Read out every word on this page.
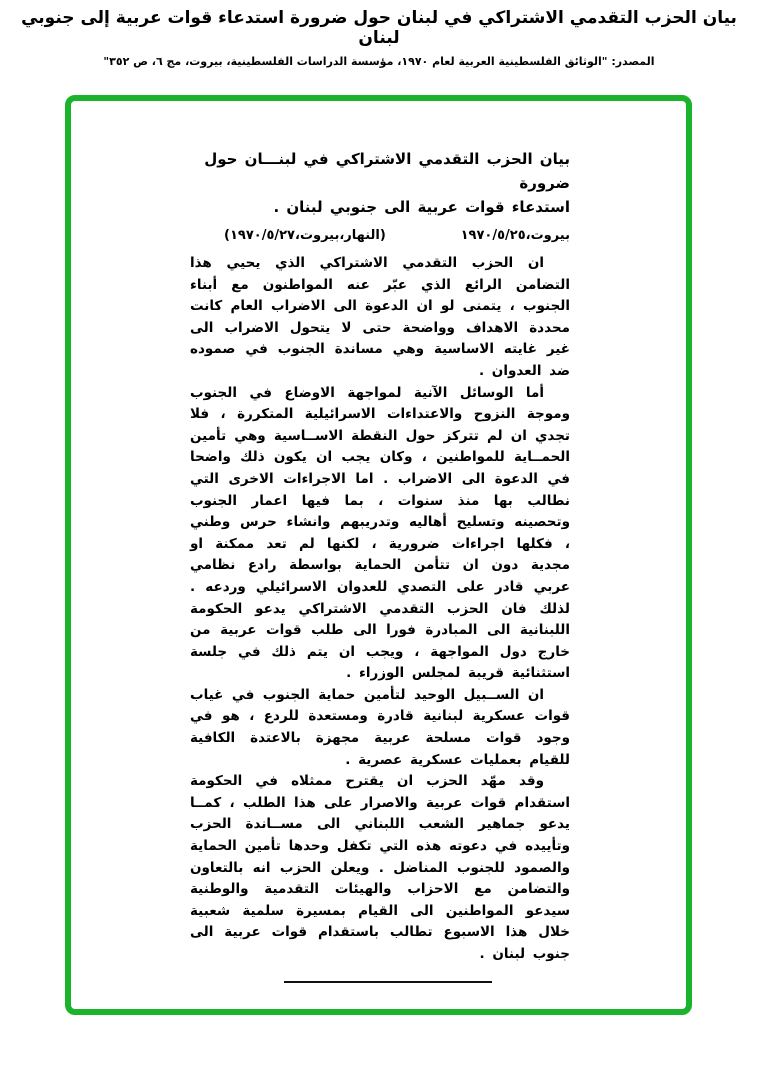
بيان الحزب التقدمي الاشتراكي في لبنان حول ضرورة استدعاء قوات عربية إلى جنوبي لبنان
المصدر: "الوثائق الفلسطينية العربية لعام ١٩٧٠، مؤسسة الدراسات الفلسطينية، بيروت، مج ٦، ص ٣٥٢"
بيان الحزب التقدمي الاشتراكي في لبنـــان حول ضرورة
استدعاء قوات عربية الى جنوبي لبنان .
بيروت،١٩٧٠/٥/٢٥
(النهار،بيروت،١٩٧٠/٥/٢٧)

ان الحزب التقدمي الاشتراكي الذي يحيي هذا التضامن الرائع الذي عبّر عنه المواطنون مع أبناء الجنوب ، يتمنى لو ان الدعوة الى الاضراب العام كانت محددة الاهداف وواضحة حتى لا يتحول الاضراب الى غير غايته الاساسية وهي مساندة الجنوب في صموده ضد العدوان .

أما الوسائل الآنية لمواجهة الاوضاع في الجنوب وموجة النزوح والاعتداءات الاسرائيلية المتكررة ، فلا تجدي ان لم تتركز حول النقطة الاســاسية وهي تأمين الحمــاية للمواطنين ، وكان يجب ان يكون ذلك واضحا في الدعوة الى الاضراب . اما الاجراءات الاخرى التي نطالب بها منذ سنوات ، بما فيها اعمار الجنوب وتحصينه وتسليح أهاليه وتدريبهم وانشاء حرس وطني ، فكلها اجراءات ضرورية ، لكنها لم تعد ممكنة او مجدية دون ان تتأمن الحماية بواسطة رادع نظامي عربي قادر على التصدي للعدوان الاسرائيلي وردعه . لذلك فان الحزب التقدمي الاشتراكي يدعو الحكومة اللبنانية الى المبادرة فورا الى طلب قوات عربية من خارج دول المواجهة ، ويجب ان يتم ذلك في جلسة استثنائية قريبة لمجلس الوزراء .

ان الســبيل الوحيد لتأمين حماية الجنوب في غياب قوات عسكرية لبنانية قادرة ومستعدة للردع ، هو في وجود قوات مسلحة عربية مجهزة بالاعتدة الكافية للقيام بعمليات عسكرية عصرية .

وقد مهّد الحزب ان يقترح ممثلاه في الحكومة استقدام قوات عربية والاصرار على هذا الطلب ، كمــا يدعو جماهير الشعب اللبناني الى مســاندة الحزب وتأييده في دعوته هذه التي تكفل وحدها تأمين الحماية والصمود للجنوب المناضل . ويعلن الحزب انه بالتعاون والتضامن مع الاحزاب والهيئات التقدمية والوطنية سيدعو المواطنين الى القيام بمسيرة سلمية شعبية خلال هذا الاسبوع تطالب باستقدام قوات عربية الى جنوب لبنان .
